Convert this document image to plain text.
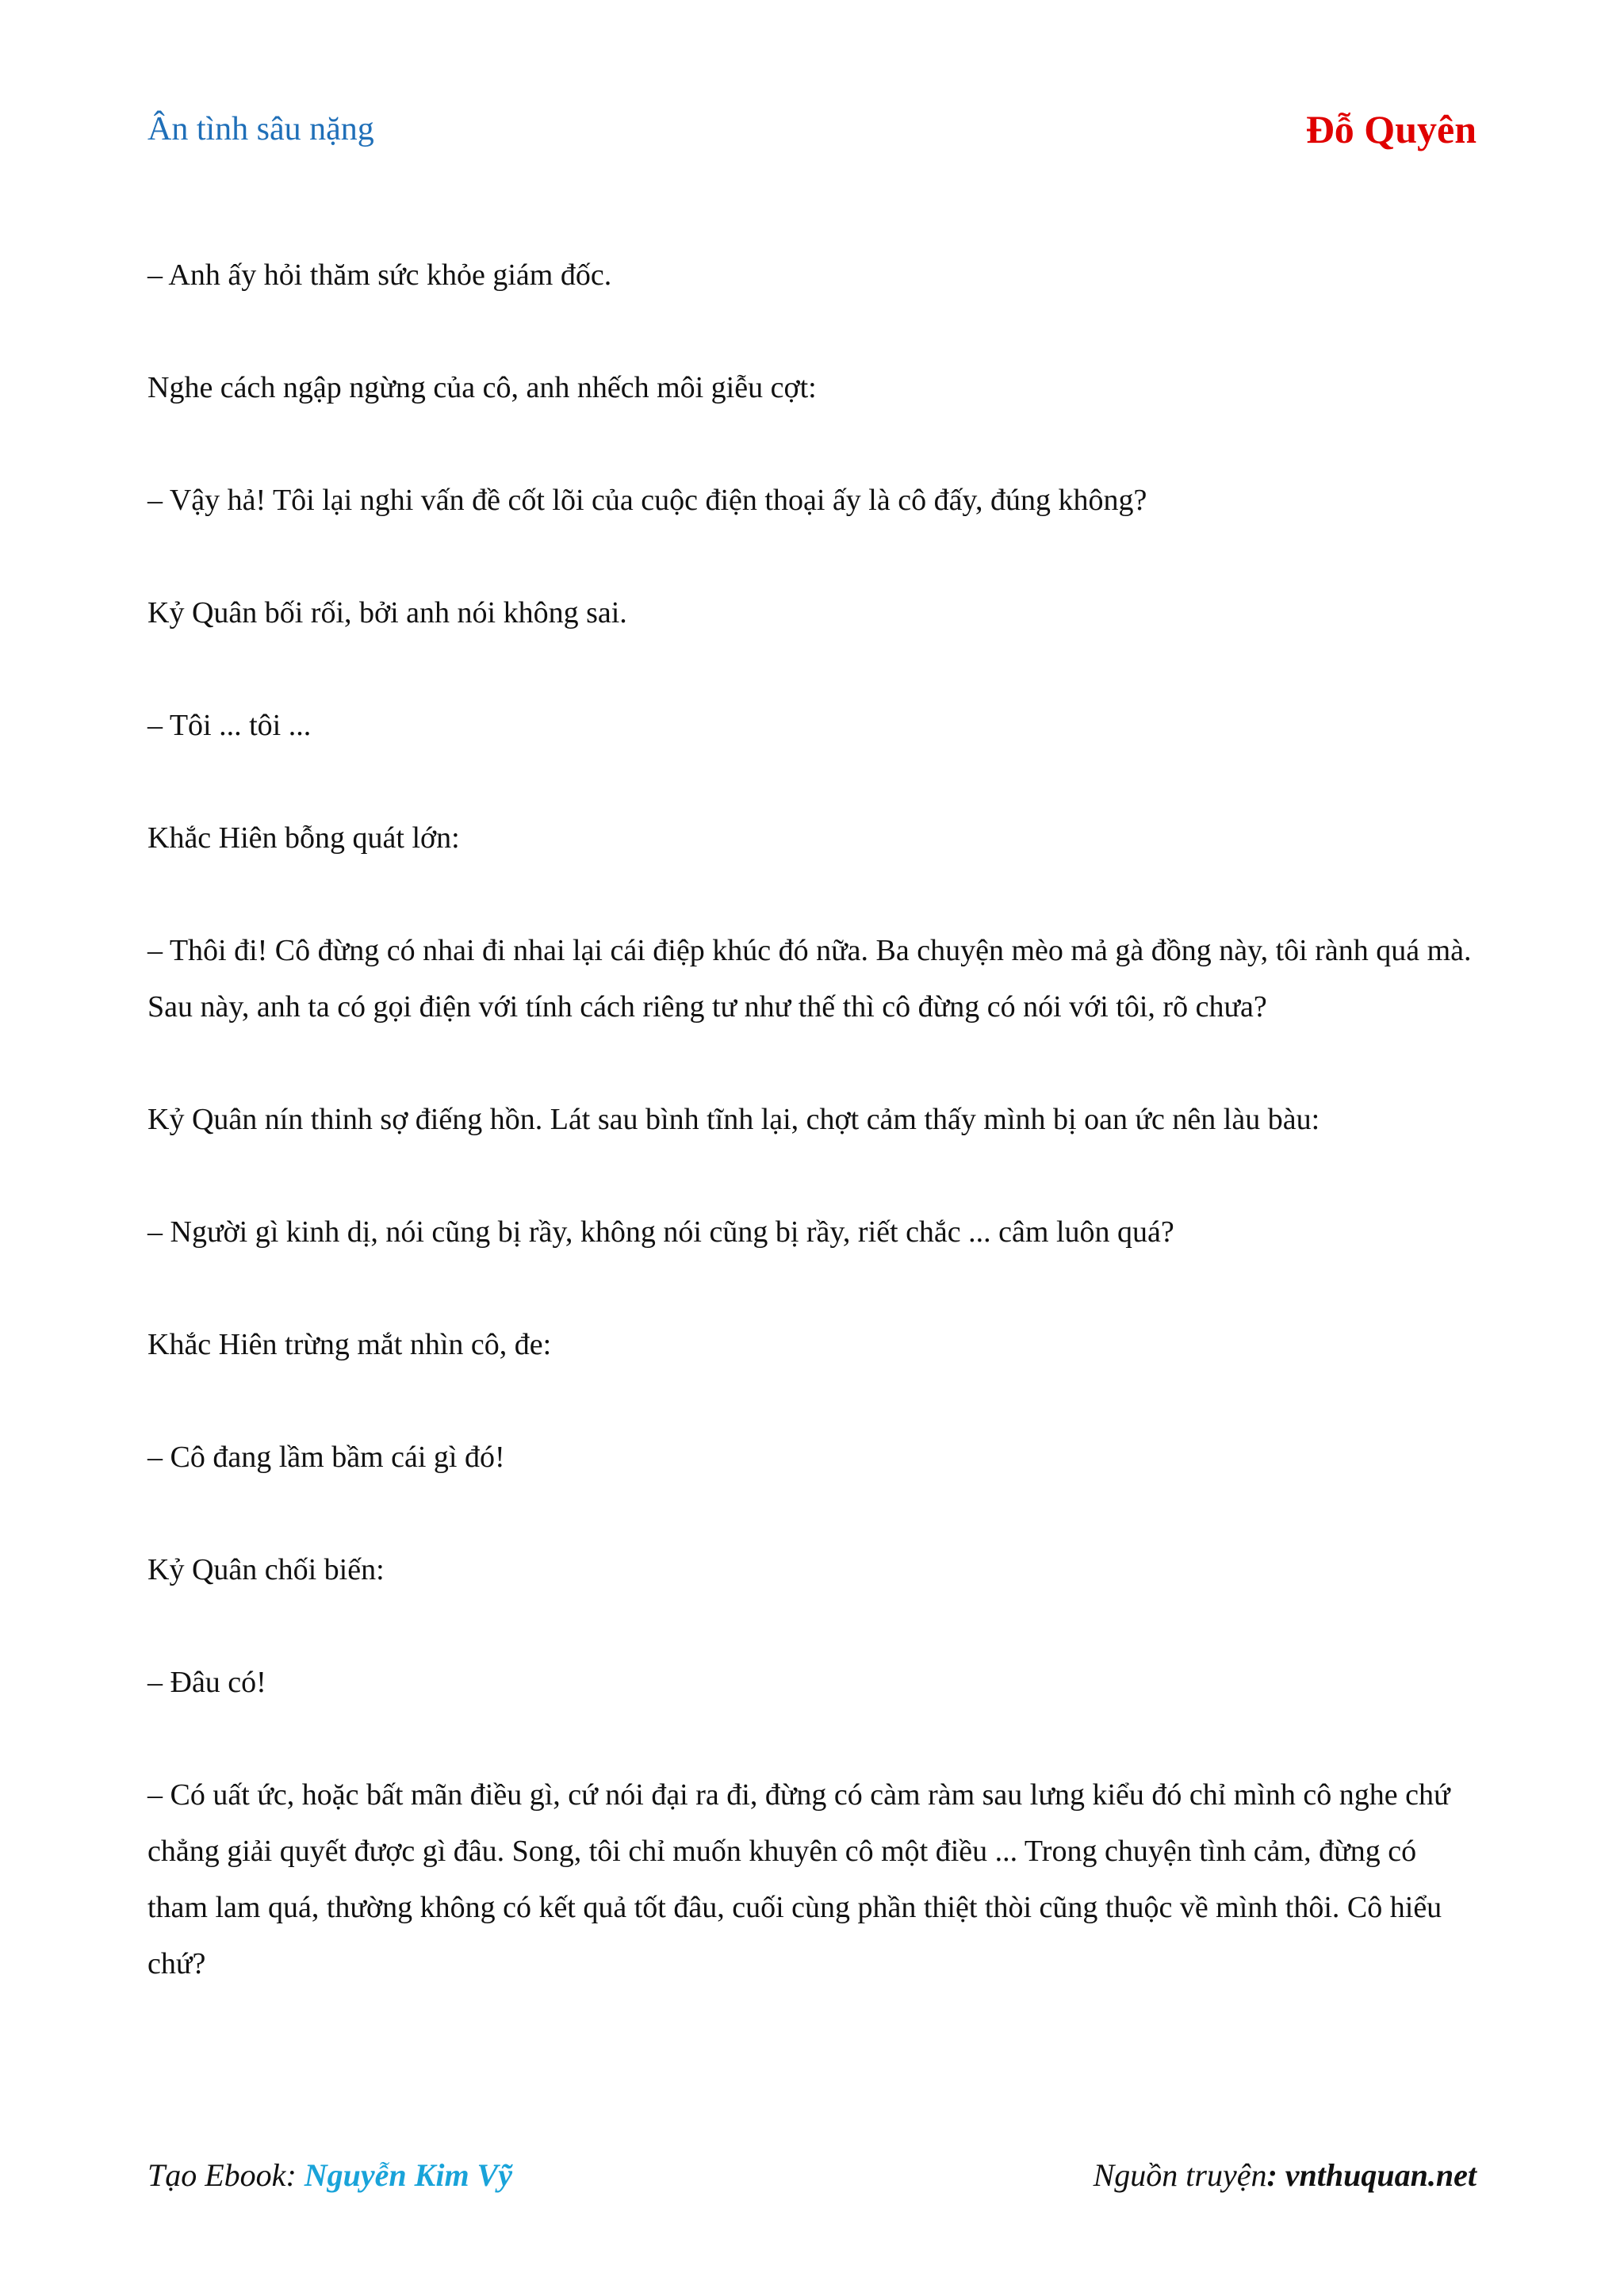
Ân tình sâu nặng	Đỗ Quyên

– Anh ấy hỏi thăm sức khỏe giám đốc.

Nghe cách ngập ngừng của cô, anh nhếch môi giễu cợt:

– Vậy hả! Tôi lại nghi vấn đề cốt lõi của cuộc điện thoại ấy là cô đấy, đúng không?

Kỷ Quân bối rối, bởi anh nói không sai.

– Tôi ... tôi ...

Khắc Hiên bỗng quát lớn:

– Thôi đi! Cô đừng có nhai đi nhai lại cái điệp khúc đó nữa. Ba chuyện mèo mả gà đồng này, tôi rành quá mà. Sau này, anh ta có gọi điện với tính cách riêng tư như thế thì cô đừng có nói với tôi, rõ chưa?

Kỷ Quân nín thinh sợ điếng hồn. Lát sau bình tĩnh lại, chợt cảm thấy mình bị oan ức nên làu bàu:

– Người gì kinh dị, nói cũng bị rầy, không nói cũng bị rầy, riết chắc ... câm luôn quá?

Khắc Hiên trừng mắt nhìn cô, đe:

– Cô đang lầm bầm cái gì đó!

Kỷ Quân chối biến:

– Đâu có!

– Có uất ức, hoặc bất mãn điều gì, cứ nói đại ra đi, đừng có càm ràm sau lưng kiểu đó chỉ mình cô nghe chứ chẳng giải quyết được gì đâu. Song, tôi chỉ muốn khuyên cô một điều ... Trong chuyện tình cảm, đừng có tham lam quá, thường không có kết quả tốt đâu, cuối cùng phần thiệt thòi cũng thuộc về mình thôi. Cô hiểu chứ?

Tạo Ebook: Nguyễn Kim Vỹ	Nguồn truyện: vnthuquan.net
